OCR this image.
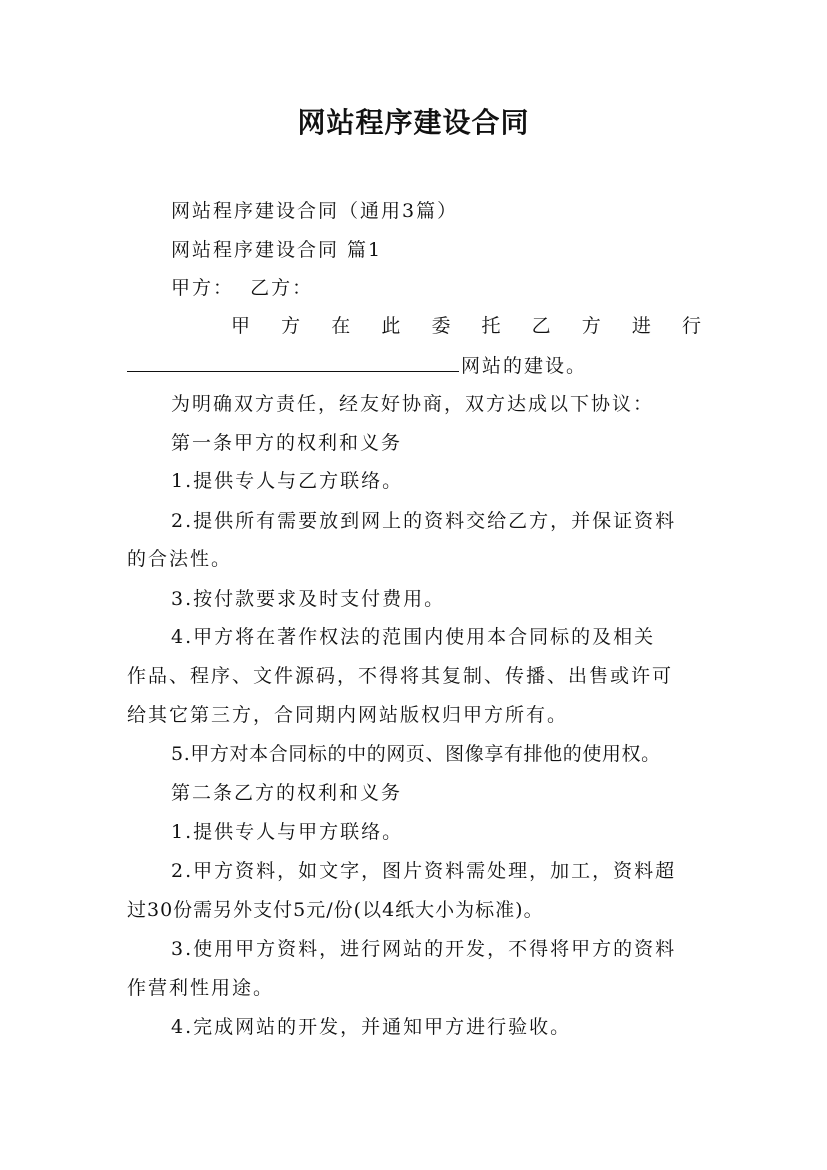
网站程序建设合同
网站程序建设合同（通用3篇）
网站程序建设合同 篇1
甲方：  乙方：
甲 方 在 此 委 托 乙 方 进 行
网站的建设。
为明确双方责任，经友好协商，双方达成以下协议：
第一条甲方的权利和义务
1.提供专人与乙方联络。
2.提供所有需要放到网上的资料交给乙方，并保证资料
的合法性。
3.按付款要求及时支付费用。
4.甲方将在著作权法的范围内使用本合同标的及相关
作品、程序、文件源码，不得将其复制、传播、出售或许可
给其它第三方，合同期内网站版权归甲方所有。
5.甲方对本合同标的中的网页、图像享有排他的使用权。
第二条乙方的权利和义务
1.提供专人与甲方联络。
2.甲方资料，如文字，图片资料需处理，加工，资料超
过30份需另外支付5元/份(以4纸大小为标准)。
3.使用甲方资料，进行网站的开发，不得将甲方的资料
作营利性用途。
4.完成网站的开发，并通知甲方进行验收。
